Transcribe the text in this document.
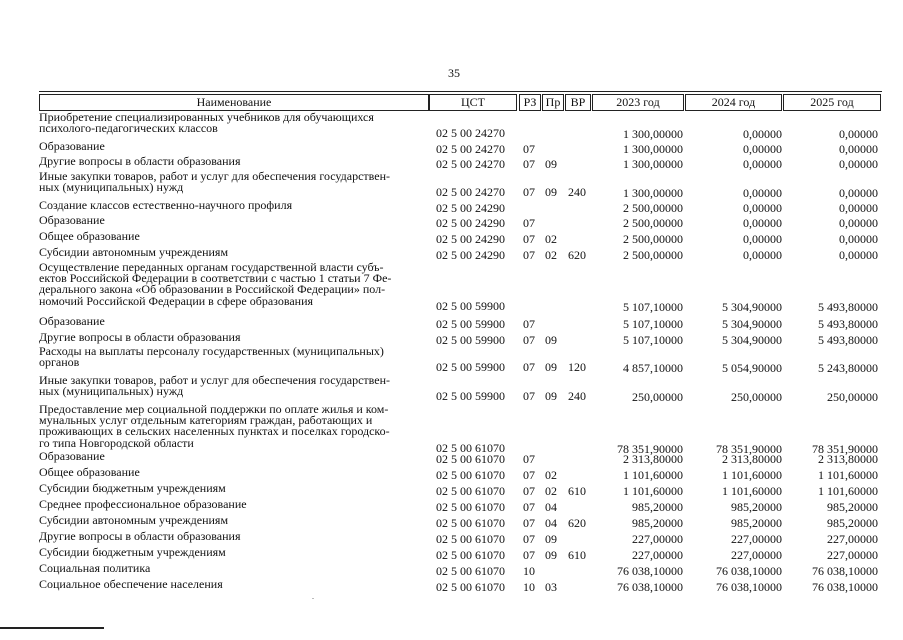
35
Наименование	ЦСТ	РЗ Пр ВР	2023 год	2024 год	2025 год
Приобретение специализированных учебников для обучающихся
психолого-педагогических классов	02 5 00 24270	1 300,00000	0,00000	0,00000
Образование	02 5 00 24270 07	1 300,00000	0,00000	0,00000
Другие вопросы в области образования	02 5 00 24270 07 09	1 300,00000	0,00000	0,00000
Иные закупки товаров, работ и услуг для обеспечения государствен-
ных (муниципальных) нужд	02 5 00 24270 07 09 240	1 300,00000	0,00000	0,00000
Создание классов естественно-научного профиля	02 5 00 24290	2 500,00000	0,00000	0,00000
Образование	02 5 00 24290 07	2 500,00000	0,00000	0,00000
Общее образование	02 5 00 24290 07 02	2 500,00000	0,00000	0,00000
Субсидии автономным учреждениям	02 5 00 24290 07 02 620	2 500,00000	0,00000	0,00000
Осуществление переданных органам государственной власти субъ-
ектов Российской Федерации в соответствии с частью 1 статьи 7 Фе-
дерального закона «Об образовании в Российской Федерации» пол-
номочий Российской Федерации в сфере образования	02 5 00 59900	5 107,10000	5 304,90000	5 493,80000
Образование	02 5 00 59900 07	5 107,10000	5 304,90000	5 493,80000
Другие вопросы в области образования	02 5 00 59900 07 09	5 107,10000	5 304,90000	5 493,80000
Расходы на выплаты персоналу государственных (муниципальных)
органов	02 5 00 59900 07 09 120	4 857,10000	5 054,90000	5 243,80000
Иные закупки товаров, работ и услуг для обеспечения государствен-
ных (муниципальных) нужд	02 5 00 59900 07 09 240	250,00000	250,00000	250,00000
Предоставление мер социальной поддержки по оплате жилья и ком-
мунальных услуг отдельным категориям граждан, работающих и
проживающих в сельских населенных пунктах и поселках городско-
го типа Новгородской области	02 5 00 61070	78 351,90000	78 351,90000	78 351,90000
Образование	02 5 00 61070 07	2 313,80000	2 313,80000	2 313,80000
Общее образование	02 5 00 61070 07 02	1 101,60000	1 101,60000	1 101,60000
Субсидии бюджетным учреждениям	02 5 00 61070 07 02 610	1 101,60000	1 101,60000	1 101,60000
Среднее профессиональное образование	02 5 00 61070 07 04	985,20000	985,20000	985,20000
Субсидии автономным учреждениям	02 5 00 61070 07 04 620	985,20000	985,20000	985,20000
Другие вопросы в области образования	02 5 00 61070 07 09	227,00000	227,00000	227,00000
Субсидии бюджетным учреждениям	02 5 00 61070 07 09 610	227,00000	227,00000	227,00000
Социальная политика	02 5 00 61070 10	76 038,10000	76 038,10000	76 038,10000
Социальное обеспечение населения	02 5 00 61070 10 03	76 038,10000	76 038,10000	76 038,10000
